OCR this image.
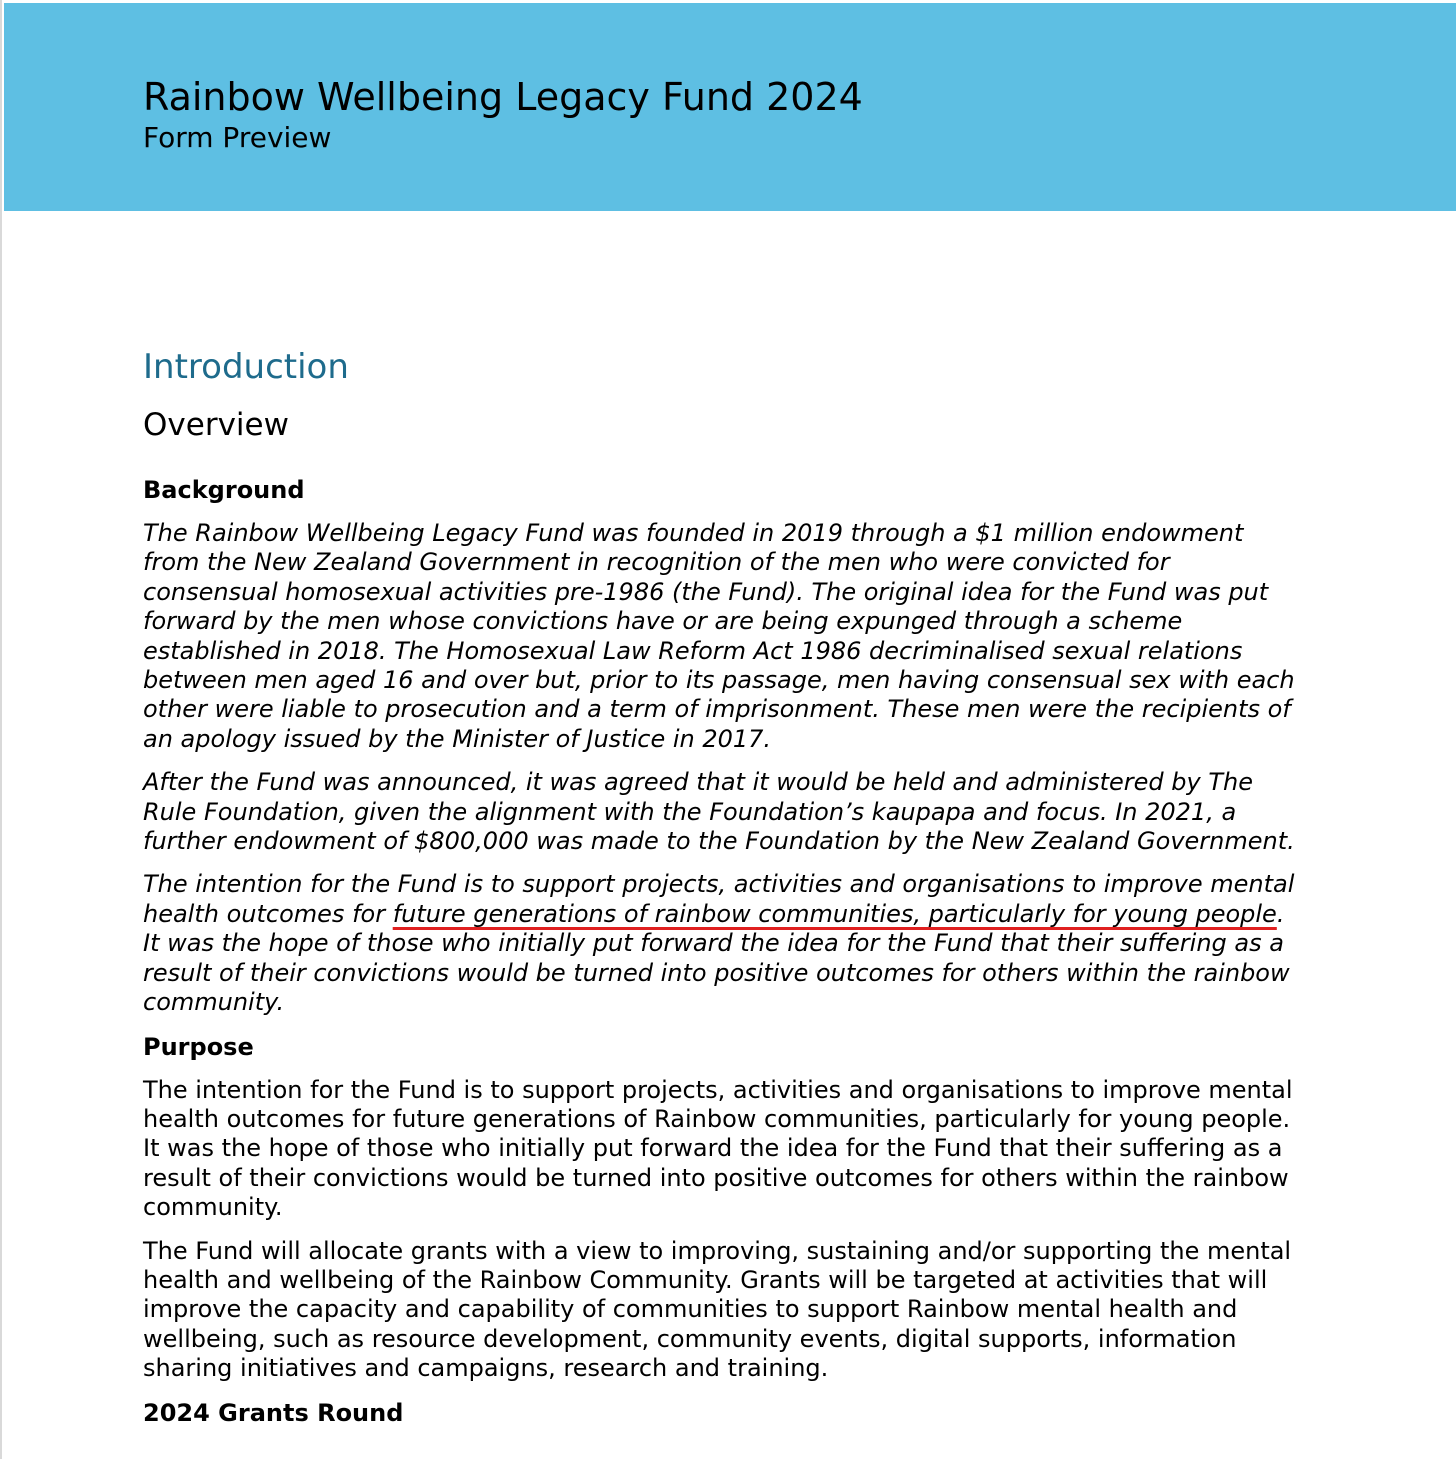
Rainbow Wellbeing Legacy Fund 2024
Form Preview
Introduction
Overview
Background

The Rainbow Wellbeing Legacy Fund was founded in 2019 through a $1 million endowment from the New Zealand Government in recognition of the men who were convicted for consensual homosexual activities pre-1986 (the Fund). The original idea for the Fund was put forward by the men whose convictions have or are being expunged through a scheme established in 2018. The Homosexual Law Reform Act 1986 decriminalised sexual relations between men aged 16 and over but, prior to its passage, men having consensual sex with each other were liable to prosecution and a term of imprisonment. These men were the recipients of an apology issued by the Minister of Justice in 2017.

After the Fund was announced, it was agreed that it would be held and administered by The Rule Foundation, given the alignment with the Foundation’s kaupapa and focus. In 2021, a further endowment of $800,000 was made to the Foundation by the New Zealand Government.

The intention for the Fund is to support projects, activities and organisations to improve mental health outcomes for future generations of rainbow communities, particularly for young people. It was the hope of those who initially put forward the idea for the Fund that their suffering as a result of their convictions would be turned into positive outcomes for others within the rainbow community.

Purpose

The intention for the Fund is to support projects, activities and organisations to improve mental health outcomes for future generations of Rainbow communities, particularly for young people. It was the hope of those who initially put forward the idea for the Fund that their suffering as a result of their convictions would be turned into positive outcomes for others within the rainbow community.

The Fund will allocate grants with a view to improving, sustaining and/or supporting the mental health and wellbeing of the Rainbow Community. Grants will be targeted at activities that will improve the capacity and capability of communities to support Rainbow mental health and wellbeing, such as resource development, community events, digital supports, information sharing initiatives and campaigns, research and training.

2024 Grants Round
